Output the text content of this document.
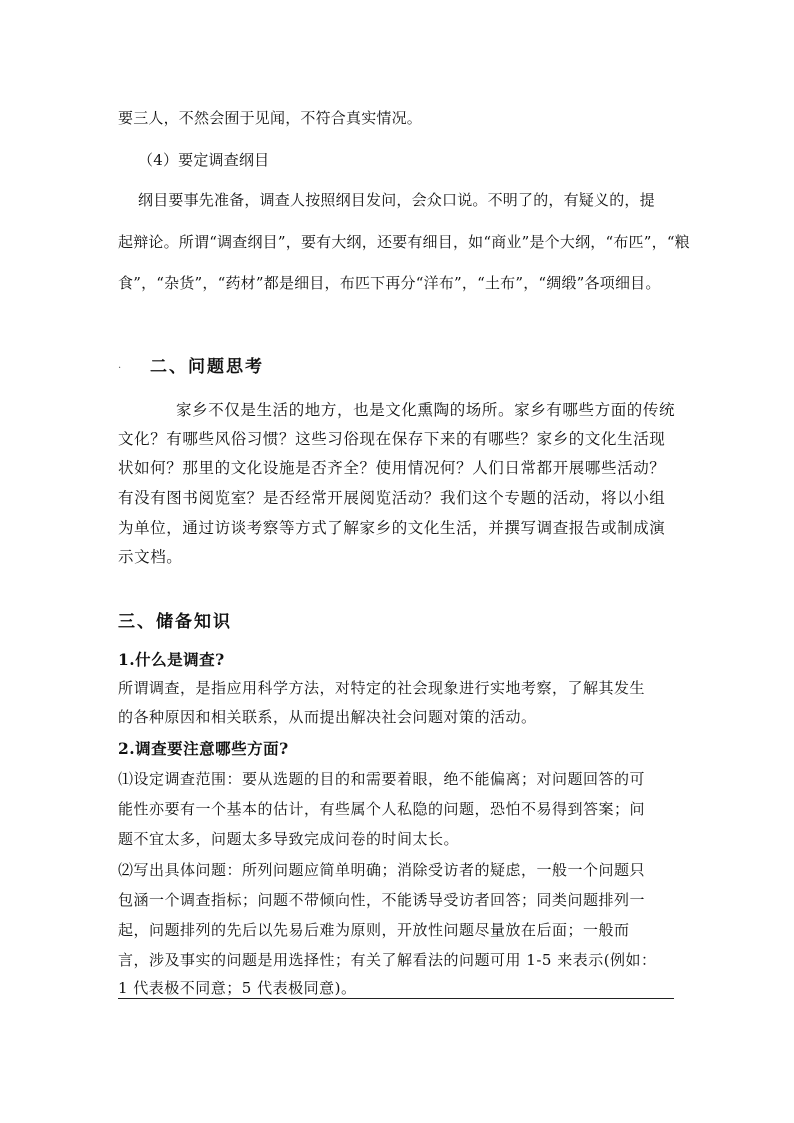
要三人，不然会囿于见闻，不符合真实情况。

（4）要定调查纲目

纲目要事先准备，调查人按照纲目发问，会众口说。不明了的，有疑义的，提

起辩论。所谓“调查纲目”，要有大纲，还要有细目，如“商业”是个大纲，“布匹”，“粮

食”，“杂货”，“药材”都是细目，布匹下再分“洋布”，“土布”，“绸缎”各项细目。

. 二、问题思考

家乡不仅是生活的地方，也是文化熏陶的场所。家乡有哪些方面的传统

文化？有哪些风俗习惯？这些习俗现在保存下来的有哪些？家乡的文化生活现

状如何？那里的文化设施是否齐全？使用情况何？人们日常都开展哪些活动？

有没有图书阅览室？是否经常开展阅览活动？我们这个专题的活动，将以小组

为单位，通过访谈考察等方式了解家乡的文化生活，并撰写调查报告或制成演

示文档。

三、储备知识

1.什么是调查?

所谓调查，是指应用科学方法，对特定的社会现象进行实地考察，了解其发生

的各种原因和相关联系，从而提出解决社会问题对策的活动。

2.调查要注意哪些方面?

⑴设定调查范围：要从选题的目的和需要着眼，绝不能偏离；对问题回答的可

能性亦要有一个基本的估计，有些属个人私隐的问题，恐怕不易得到答案；问

题不宜太多，问题太多导致完成问卷的时间太长。

⑵写出具体问题：所列问题应简单明确；消除受访者的疑虑，一般一个问题只

包涵一个调查指标；问题不带倾向性，不能诱导受访者回答；同类问题排列一

起，问题排列的先后以先易后难为原则，开放性问题尽量放在后面；一般而

言，涉及事实的问题是用选择性；有关了解看法的问题可用 1-5 来表示(例如：

1 代表极不同意；5 代表极同意)。
